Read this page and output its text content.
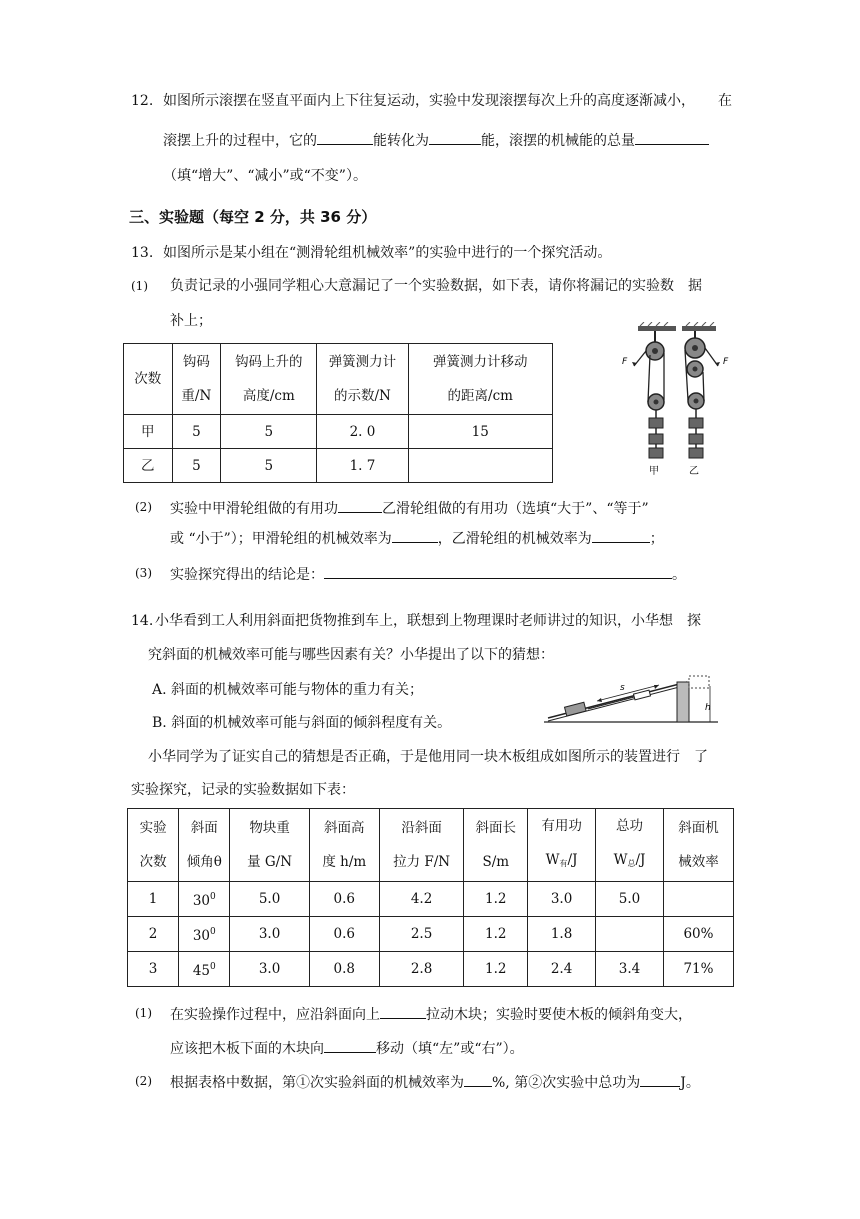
12. 如图所示滚摆在竖直平面内上下往复运动，实验中发现滚摆每次上升的高度逐渐减小， 在
滚摆上升的过程中，它的	能转化为	能，滚摆的机械能的总量
（填“增大”、“减小”或“不变”）。
三、实验题（每空 2 分，共 36 分）
13. 如图所示是某小组在“测滑轮组机械效率”的实验中进行的一个探究活动。
(1) 负责记录的小强同学粗心大意漏记了一个实验数据，如下表，请你将漏记的实验数　据
补上；
次数	钩码
重/N	钩码上升的
高度/cm	弹簧测力计
的示数/N	弹簧测力计移动
的距离/cm
甲	5	5	2. 0	15
乙	5	5	1. 7	
F	F
甲	乙
(2) 实验中甲滑轮组做的有用功	乙滑轮组做的有用功（选填“大于”、“等于”
或 “小于”）；甲滑轮组的机械效率为	，乙滑轮组的机械效率为	；
(3) 实验探究得出的结论是：	。
14. 小华看到工人利用斜面把货物推到车上，联想到上物理课时老师讲过的知识，小华想　探
究斜面的机械效率可能与哪些因素有关？小华提出了以下的猜想：
A. 斜面的机械效率可能与物体的重力有关；
B. 斜面的机械效率可能与斜面的倾斜程度有关。
s
h
小华同学为了证实自己的猜想是否正确，于是他用同一块木板组成如图所示的装置进行　了
实验探究，记录的实验数据如下表：
实验
次数	斜面
倾角θ	物块重
量 G/N	斜面高
度 h/m	沿斜面
拉力 F/N	斜面长
S/m	有用功
$W_有/J$	总功
$W_总/J$	斜面机
械效率
1	$30^0$	5.0	0.6	4.2	1.2	3.0	5.0	
2	$30^0$	3.0	0.6	2.5	1.2	1.8		60%
3	$45^0$	3.0	0.8	2.8	1.2	2.4	3.4	71%
(1) 在实验操作过程中，应沿斜面向上	拉动木块；实验时要使木板的倾斜角变大，
应该把木板下面的木块向	移动（填“左”或“右”）。
(2) 根据表格中数据，第①次实验斜面的机械效率为 %, 第②次实验中总功为	J。
